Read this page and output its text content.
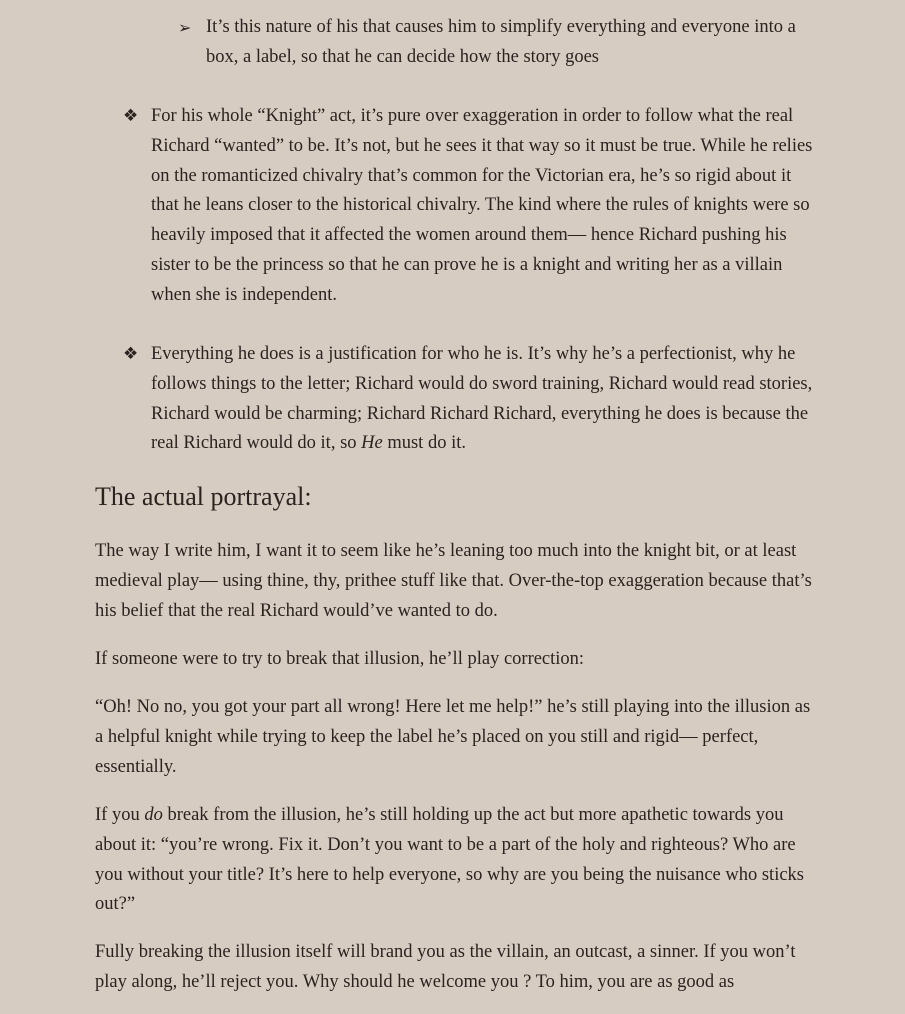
➢ It’s this nature of his that causes him to simplify everything and everyone into a box, a label, so that he can decide how the story goes
❖ For his whole “Knight” act, it’s pure over exaggeration in order to follow what the real Richard “wanted” to be. It’s not, but he sees it that way so it must be true. While he relies on the romanticized chivalry that’s common for the Victorian era, he’s so rigid about it that he leans closer to the historical chivalry. The kind where the rules of knights were so heavily imposed that it affected the women around them— hence Richard pushing his sister to be the princess so that he can prove he is a knight and writing her as a villain when she is independent.
❖ Everything he does is a justification for who he is. It’s why he’s a perfectionist, why he follows things to the letter; Richard would do sword training, Richard would read stories, Richard would be charming; Richard Richard Richard, everything he does is because the real Richard would do it, so He must do it.
The actual portrayal:

The way I write him, I want it to seem like he’s leaning too much into the knight bit, or at least medieval play— using thine, thy, prithee stuff like that. Over-the-top exaggeration because that’s his belief that the real Richard would’ve wanted to do.

If someone were to try to break that illusion, he’ll play correction:

“Oh! No no, you got your part all wrong! Here let me help!” he’s still playing into the illusion as a helpful knight while trying to keep the label he’s placed on you still and rigid— perfect, essentially.

If you do break from the illusion, he’s still holding up the act but more apathetic towards you about it: “you’re wrong. Fix it. Don’t you want to be a part of the holy and righteous? Who are you without your title? It’s here to help everyone, so why are you being the nuisance who sticks out?”

Fully breaking the illusion itself will brand you as the villain, an outcast, a sinner. If you won’t play along, he’ll reject you. Why should he welcome you ? To him, you are as good as
